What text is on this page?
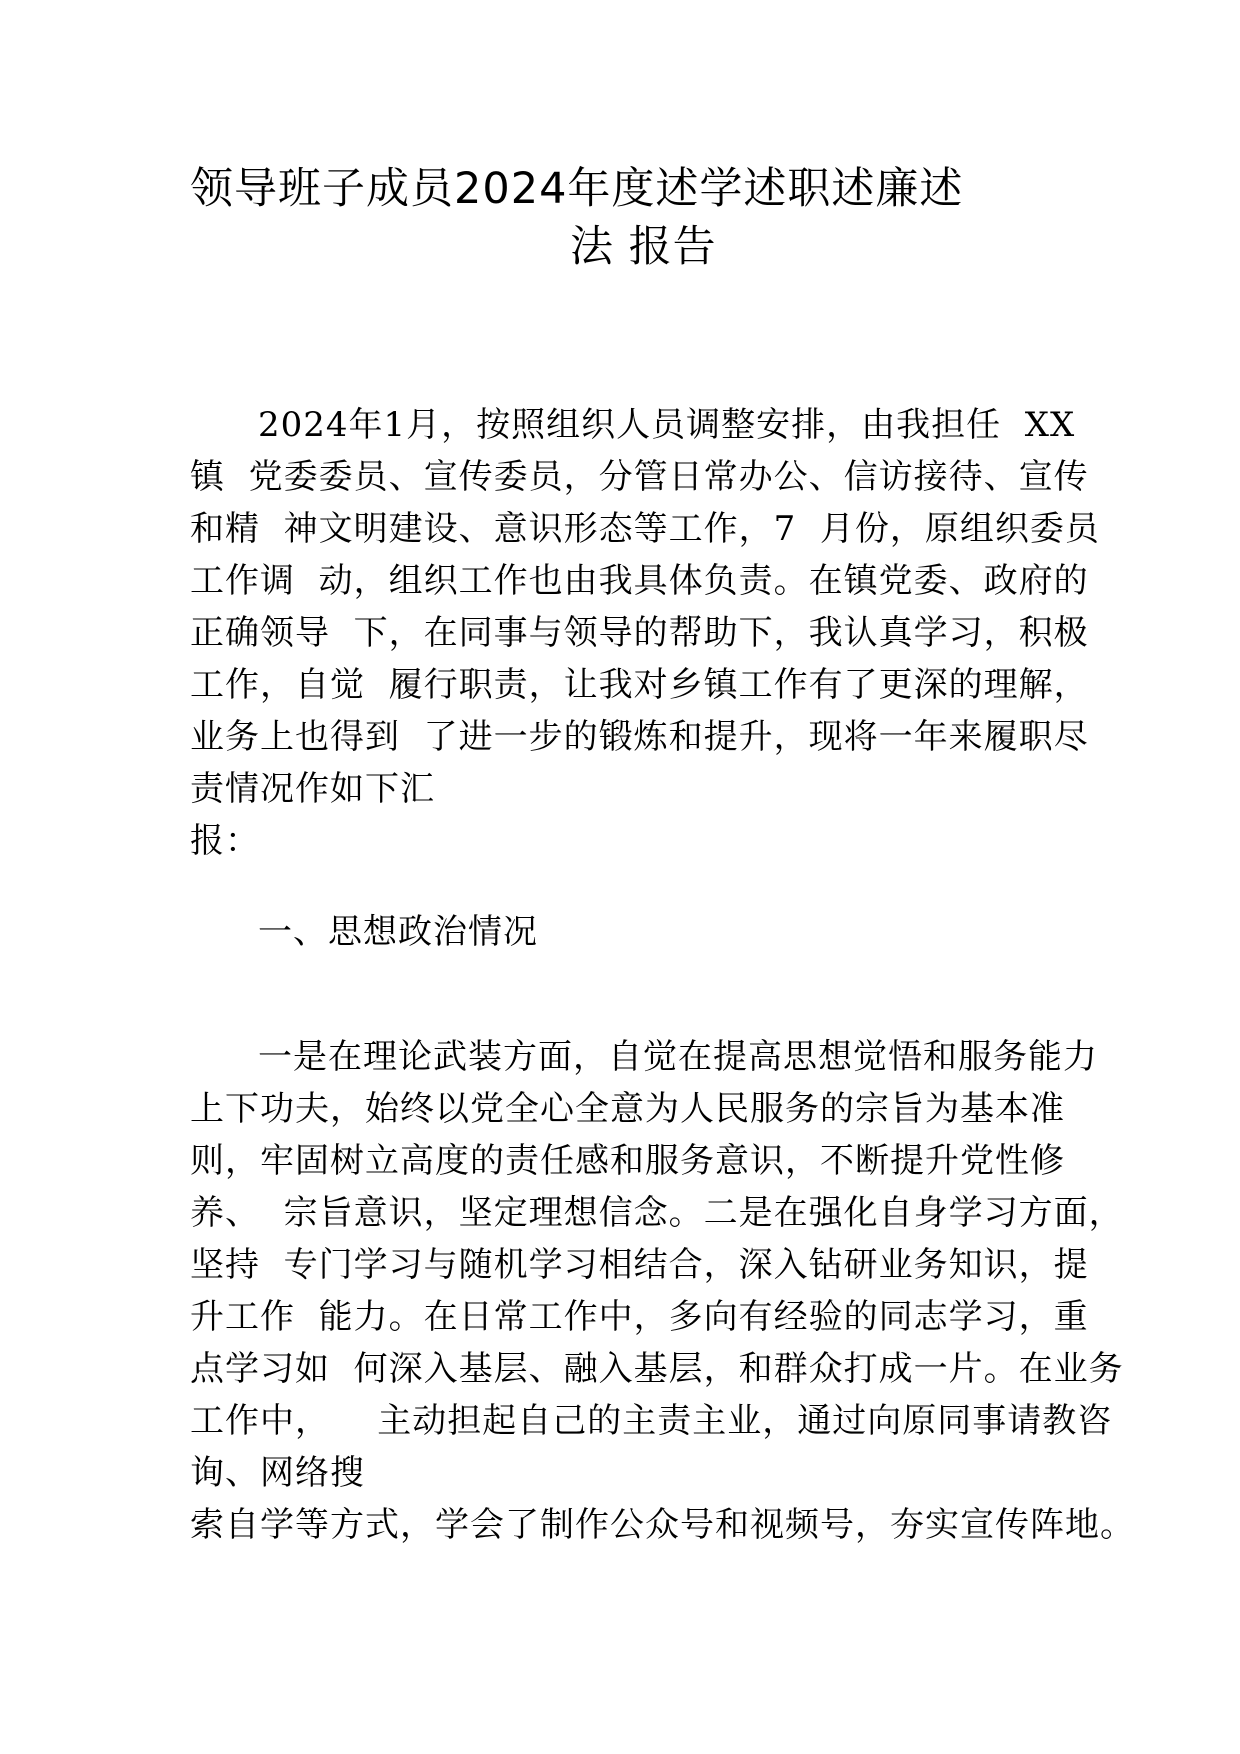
领导班子成员2024年度述学述职述廉述
法 报告
2024年1月，按照组织人员调整安排，由我担任  XX
镇  党委委员、宣传委员，分管日常办公、信访接待、宣传
和精  神文明建设、意识形态等工作，7  月份，原组织委员
工作调  动，组织工作也由我具体负责。在镇党委、政府的
正确领导  下，在同事与领导的帮助下，我认真学习，积极
工作，自觉  履行职责，让我对乡镇工作有了更深的理解，
业务上也得到  了进一步的锻炼和提升，现将一年来履职尽
责情况作如下汇
报：
一、思想政治情况
一是在理论武装方面，自觉在提高思想觉悟和服务能力
上下功夫，始终以党全心全意为人民服务的宗旨为基本准
则，牢固树立高度的责任感和服务意识，不断提升党性修
养、  宗旨意识，坚定理想信念。二是在强化自身学习方面，
坚持  专门学习与随机学习相结合，深入钻研业务知识，提
升工作  能力。在日常工作中，多向有经验的同志学习，重
点学习如  何深入基层、融入基层，和群众打成一片。在业务
工作中，    主动担起自己的主责主业，通过向原同事请教咨
询、网络搜
索自学等方式，学会了制作公众号和视频号，夯实宣传阵地。
